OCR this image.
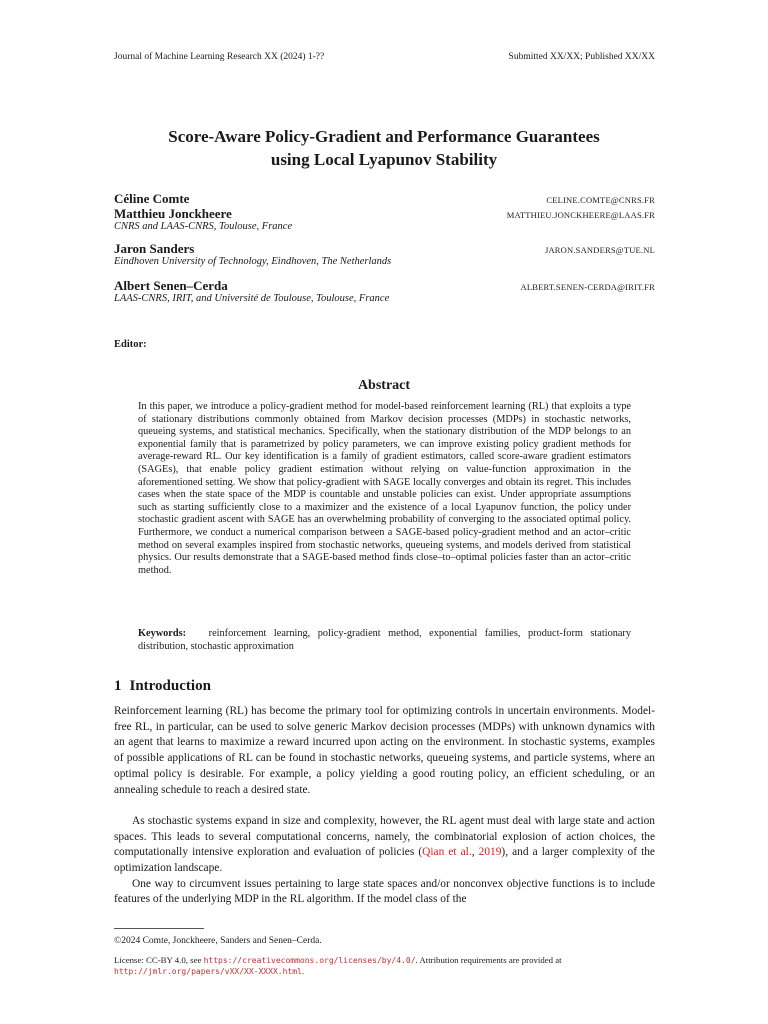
Journal of Machine Learning Research XX (2024) 1-??	Submitted XX/XX; Published XX/XX
Score-Aware Policy-Gradient and Performance Guarantees
using Local Lyapunov Stability
Céline Comte	CELINE.COMTE@CNRS.FR
Matthieu Jonckheere	MATTHIEU.JONCKHEERE@LAAS.FR
CNRS and LAAS-CNRS, Toulouse, France
Jaron Sanders	JARON.SANDERS@TUE.NL
Eindhoven University of Technology, Eindhoven, The Netherlands
Albert Senen–Cerda	ALBERT.SENEN-CERDA@IRIT.FR
LAAS-CNRS, IRIT, and Université de Toulouse, Toulouse, France
Editor:
Abstract
In this paper, we introduce a policy-gradient method for model-based reinforcement learning (RL) that exploits a type of stationary distributions commonly obtained from Markov decision processes (MDPs) in stochastic networks, queueing systems, and statistical mechanics. Specifically, when the stationary distribution of the MDP belongs to an exponential family that is parametrized by policy parameters, we can improve existing policy gradient methods for average-reward RL. Our key identification is a family of gradient estimators, called score-aware gradient estimators (SAGEs), that enable policy gradient estimation without relying on value-function approximation in the aforementioned setting. We show that policy-gradient with SAGE locally converges and obtain its regret. This includes cases when the state space of the MDP is countable and unstable policies can exist. Under appropriate assumptions such as starting sufficiently close to a maximizer and the existence of a local Lyapunov function, the policy under stochastic gradient ascent with SAGE has an overwhelming probability of converging to the associated optimal policy. Furthermore, we conduct a numerical comparison between a SAGE-based policy-gradient method and an actor–critic method on several examples inspired from stochastic networks, queueing systems, and models derived from statistical physics. Our results demonstrate that a SAGE-based method finds close–to–optimal policies faster than an actor–critic method.
Keywords: reinforcement learning, policy-gradient method, exponential families, product-form stationary distribution, stochastic approximation
1 Introduction
Reinforcement learning (RL) has become the primary tool for optimizing controls in uncertain environments. Model-free RL, in particular, can be used to solve generic Markov decision processes (MDPs) with unknown dynamics with an agent that learns to maximize a reward incurred upon acting on the environment. In stochastic systems, examples of possible applications of RL can be found in stochastic networks, queueing systems, and particle systems, where an optimal policy is desirable. For example, a policy yielding a good routing policy, an efficient scheduling, or an annealing schedule to reach a desired state.
As stochastic systems expand in size and complexity, however, the RL agent must deal with large state and action spaces. This leads to several computational concerns, namely, the combinatorial explosion of action choices, the computationally intensive exploration and evaluation of policies (Qian et al., 2019), and a larger complexity of the optimization landscape.
One way to circumvent issues pertaining to large state spaces and/or nonconvex objective functions is to include features of the underlying MDP in the RL algorithm. If the model class of the
©2024 Comte, Jonckheere, Sanders and Senen–Cerda.
License: CC-BY 4.0, see https://creativecommons.org/licenses/by/4.0/. Attribution requirements are provided at
http://jmlr.org/papers/vXX/XX-XXXX.html.
